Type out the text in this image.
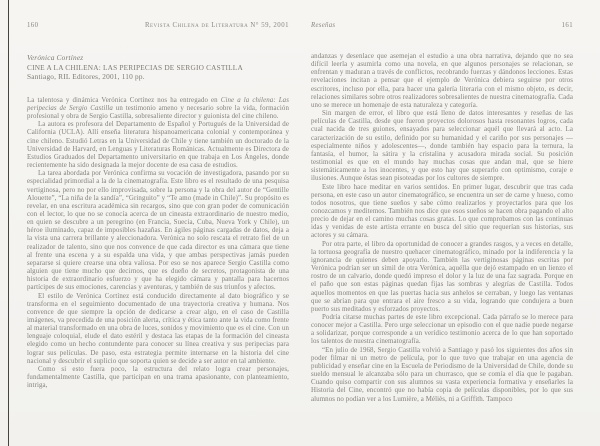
160	Revista Chilena de Literatura N° 59, 2001
Verónica Cortínez
CINE A LA CHILENA: LAS PERIPECIAS DE SERGIO CASTILLA
Santiago, RIL Editores, 2001, 110 pp.

La talentosa y dinámica Verónica Cortínez nos ha entregado en Cine a la chilena: Las peripecias de Sergio Castilla un testimonio ameno y necesario sobre la vida, formación profesional y obra de Sergio Castilla, sobresaliente director y guionista del cine chileno.

La autora es profesora del Departamento de Español y Portugués de la Universidad de California (UCLA). Allí enseña literatura hispanoamericana colonial y contemporánea y cine chileno. Estudió Letras en la Universidad de Chile y tiene también un doctorado de la Universidad de Harvard, en Lenguas y Literaturas Románicas. Actualmente es Directora de Estudios Graduados del Departamento universitario en que trabaja en Los Ángeles, donde recientemente ha sido designada la mejor docente de esa casa de estudios.

La tarea abordada por Verónica confirma su vocación de investigadora, pasando por su especialidad primordial a la de la cinematografía. Este libro es el resultado de una pesquisa vertiginosa, pero no por ello improvisada, sobre la persona y la obra del autor de “Gentille Alouette”, “La niña de la sandía”, “Gringuito” y “Te amo (made in Chile)”. Su propósito es revelar, en una escritura académica sin recargos, sino que con gran poder de comunicación con el lector, lo que no se conocía acerca de un cineasta extraordinario de nuestro medio, en quien se descubre a un peregrino (en Francia, Suecia, Cuba, Nueva York y Chile), un héroe iluminado, capaz de imposibles hazañas. En ágiles páginas cargadas de datos, deja a la vista una carrera brillante y aleccionadora. Verónica no solo rescata el retrato fiel de un realizador de talento, sino que nos convence de que cada director es una cámara que tiene al frente una escena y a su espalda una vida, y que ambas perspectivas jamás pueden separarse si quiere crearse una obra valiosa. Por eso se nos aparece Sergio Castilla como alguien que tiene mucho que decirnos, que es dueño de secretos, protagonista de una historia de extraordinario esfuerzo y que ha elegido cámara y pantalla para hacernos partícipes de sus emociones, carencias y aventuras, y también de sus triunfos y afectos.

El estilo de Verónica Cortínez está conducido directamente al dato biográfico y se transforma en el seguimiento documentado de una trayectoria creativa y humana. Nos convence de que siempre la opción de dedicarse a crear algo, en el caso de Castilla imágenes, va precedida de una posición alerta, crítica y ética tanto ante la vida como frente al material transformado en una obra de luces, sonidos y movimiento que es el cine. Con un lenguaje coloquial, elude el dato estéril y destaca las etapas de la formación del cineasta elegido como un hecho contundente para conocer su línea creativa y sus peripecias para lograr sus películas. De paso, esta estrategia permite internarse en la historia del cine nacional y descubrir el suplicio que soporta quien se decide a ser autor en tal ambiente.

Como si esto fuera poco, la estructura del relato logra crear personajes, fundamentalmente Castilla, que participan en una trama apasionante, con planteamiento, intriga,

Reseñas	161

andanzas y desenlace que asemejan el estudio a una obra narrativa, dejando que no sea difícil leerla y asumirla como una novela, en que algunos personajes se relacionan, se enfrentan y maduran a través de conflictos, recobrando fuerzas y dándonos lecciones. Estas revelaciones incitan a pensar que el ejemplo de Verónica debiera seguirse por otros escritores, incluso por ella, para hacer una galería literaria con el mismo objeto, es decir, relaciones similares sobre otros realizadores sobresalientes de nuestra cinematografía. Cada uno se merece un homenaje de esta naturaleza y categoría.

Sin margen de error, el libro que está lleno de datos interesantes y reseñas de las películas de Castilla, desde que fueron proyectos dolorosos hasta resonantes logros, cada cual nacida de tres guiones, ensayados para seleccionar aquél que llevará al acto. La caracterización de su estilo, definido por su humanidad y el cariño por sus personajes —especialmente niños y adolescentes—, donde también hay espacio para la ternura, la fantasía, el humor, la sátira y la cristalina y acusadora mirada social. Su posición testimonial es que en el mundo hay muchas cosas que andan mal, que se hiere sistemáticamente a los inocentes, y que esto hay que superarlo con optimismo, coraje e ilusiones. Aunque éstas sean pisoteadas por los cultores de siempre.

Este libro hace meditar en varios sentidos. En primer lugar, descubrir que tras cada persona, en este caso un autor cinematográfico, se encuentra un ser de carne y hueso, como todos nosotros, que tiene sueños y sabe cómo realizarlos y proyectarlos para que los conozcamos y meditemos. También nos dice que esos sueños se hacen obra pagando el alto precio de dejar en el camino muchas cosas gratas. Lo que comprobamos con las continuas idas y venidas de este artista errante en busca del sitio que requerían sus historias, sus actores y su cámara.

Por otra parte, el libro da oportunidad de conocer a grandes rasgos, y a veces en detalle, la tortuosa geografía de nuestro quehacer cinematográfico, minado por la indiferencia y la ignorancia de quienes deben apoyarlo. También las vertiginosas páginas escritas por Verónica podrían ser un símil de otra Verónica, aquélla que dejó estampado en un lienzo el rostro de un calvario, donde quedó impreso el dolor y la luz de una faz sagrada. Porque en el paño que son estas páginas quedan fijas las sombras y alegrías de Castilla. Todos aquellos momentos en que las puertas hacia sus anhelos se cerraban, y luego las ventanas que se abrían para que entrara el aire fresco a su vida, logrando que condujera a buen puerto sus meditados y esforzados proyectos.

Podría citarse muchas partes de este libro excepcional. Cada párrafo se lo merece para conocer mejor a Castilla. Pero urge seleccionar un episodio con el que nadie puede negarse a solidarizar, porque corresponde a un verídico testimonio acerca de lo que han soportado los talentos de nuestra cinematografía.

“En julio de 1968, Sergio Castilla volvió a Santiago y pasó los siguientes dos años sin poder filmar ni un metro de película, por lo que tuvo que trabajar en una agencia de publicidad y enseñar cine en la Escuela de Periodismo de la Universidad de Chile, donde su sueldo mensual le alcanzaba sólo para un churrasco, que se comía el día que le pagaban. Cuando quiso compartir con sus alumnos su vasta experiencia formativa y enseñarles la Historia del Cine, encontró que no había copia de películas disponibles, por lo que sus alumnos no podían ver a los Lumière, a Méliès, ni a Griffith. Tampoco
